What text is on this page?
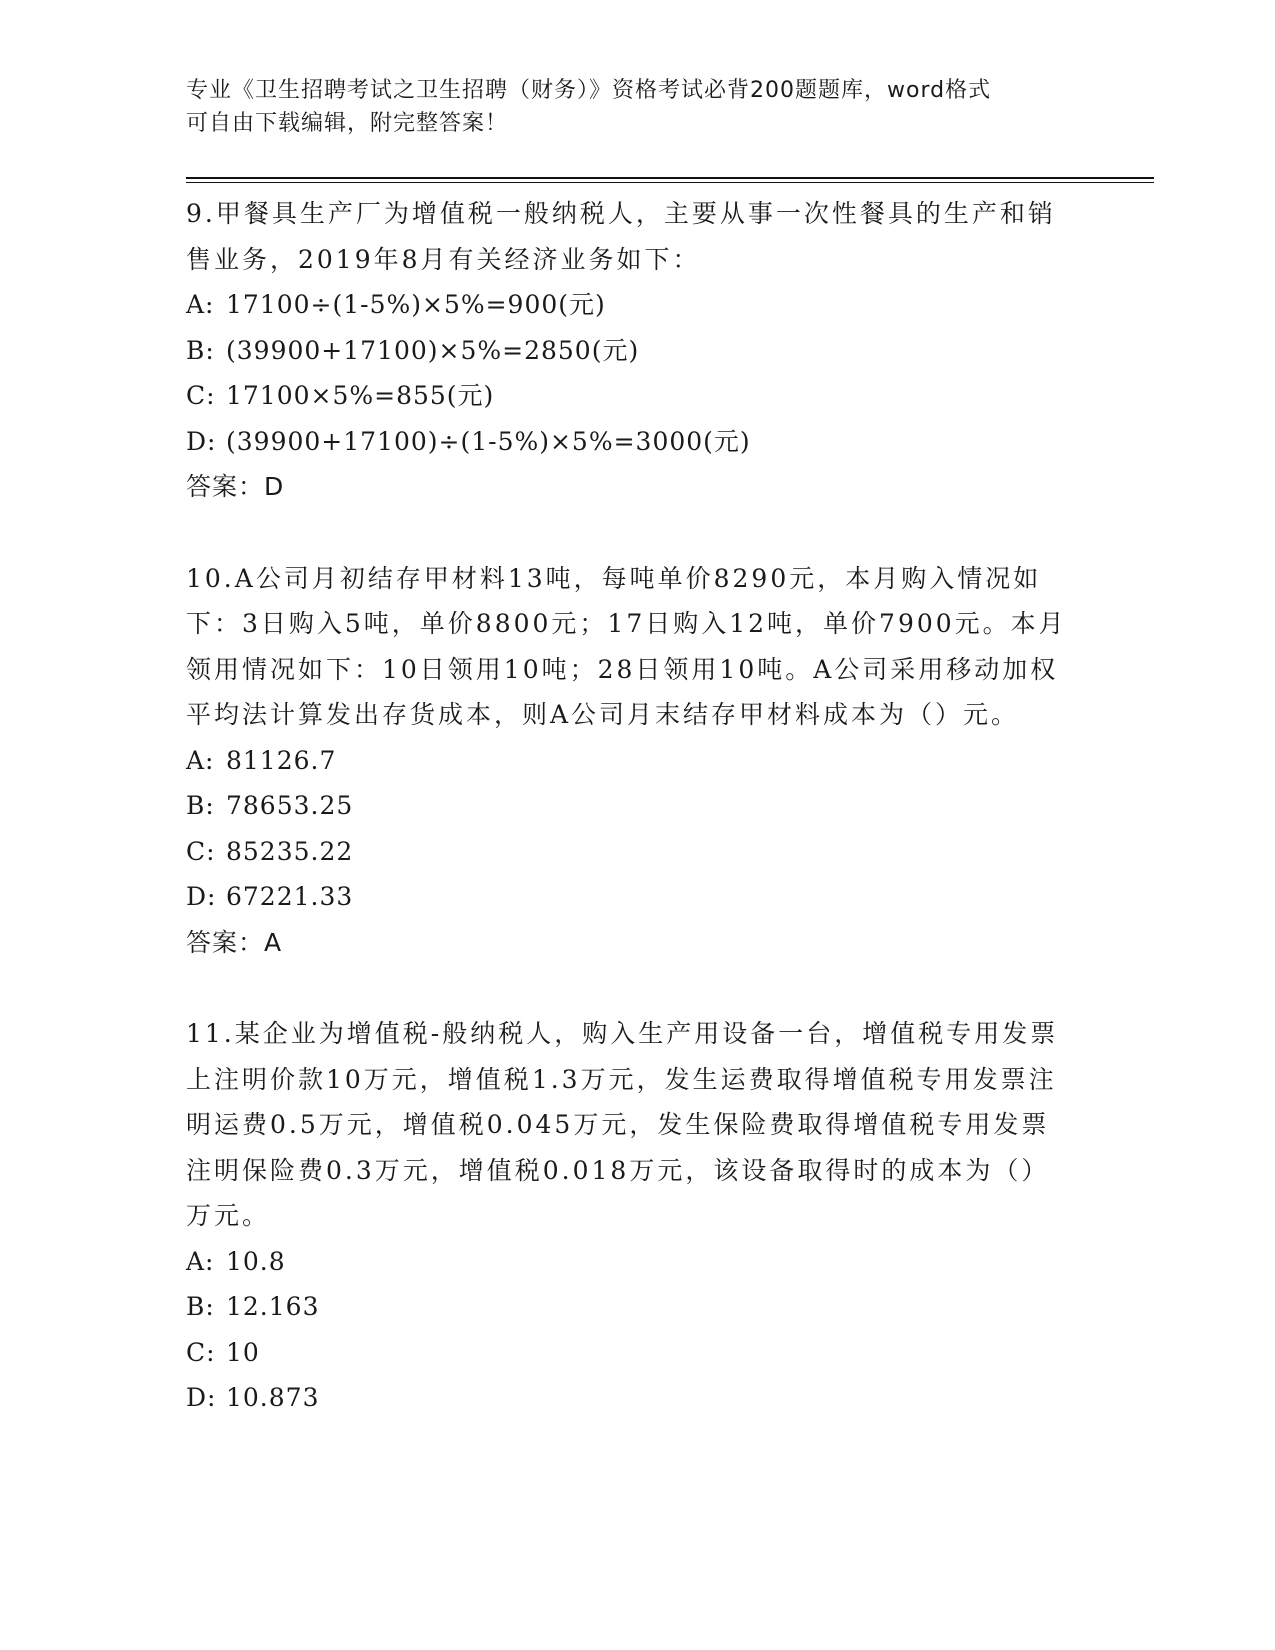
专业《卫生招聘考试之卫生招聘（财务）》资格考试必背200题题库，word格式
可自由下载编辑，附完整答案！
9.甲餐具生产厂为增值税一般纳税人，主要从事一次性餐具的生产和销售业务，2019年8月有关经济业务如下：
A: 17100÷(1-5%)×5%=900(元)
B: (39900+17100)×5%=2850(元)
C: 17100×5%=855(元)
D: (39900+17100)÷(1-5%)×5%=3000(元)
答案：D
10.A公司月初结存甲材料13吨，每吨单价8290元，本月购入情况如下：3日购入5吨，单价8800元；17日购入12吨，单价7900元。本月领用情况如下：10日领用10吨；28日领用10吨。A公司采用移动加权平均法计算发出存货成本，则A公司月末结存甲材料成本为（）元。
A: 81126.7
B: 78653.25
C: 85235.22
D: 67221.33
答案：A
11.某企业为增值税-般纳税人，购入生产用设备一台，增值税专用发票上注明价款10万元，增值税1.3万元，发生运费取得增值税专用发票注明运费0.5万元，增值税0.045万元，发生保险费取得增值税专用发票注明保险费0.3万元，增值税0.018万元，该设备取得时的成本为（）万元。
A: 10.8
B: 12.163
C: 10
D: 10.873
